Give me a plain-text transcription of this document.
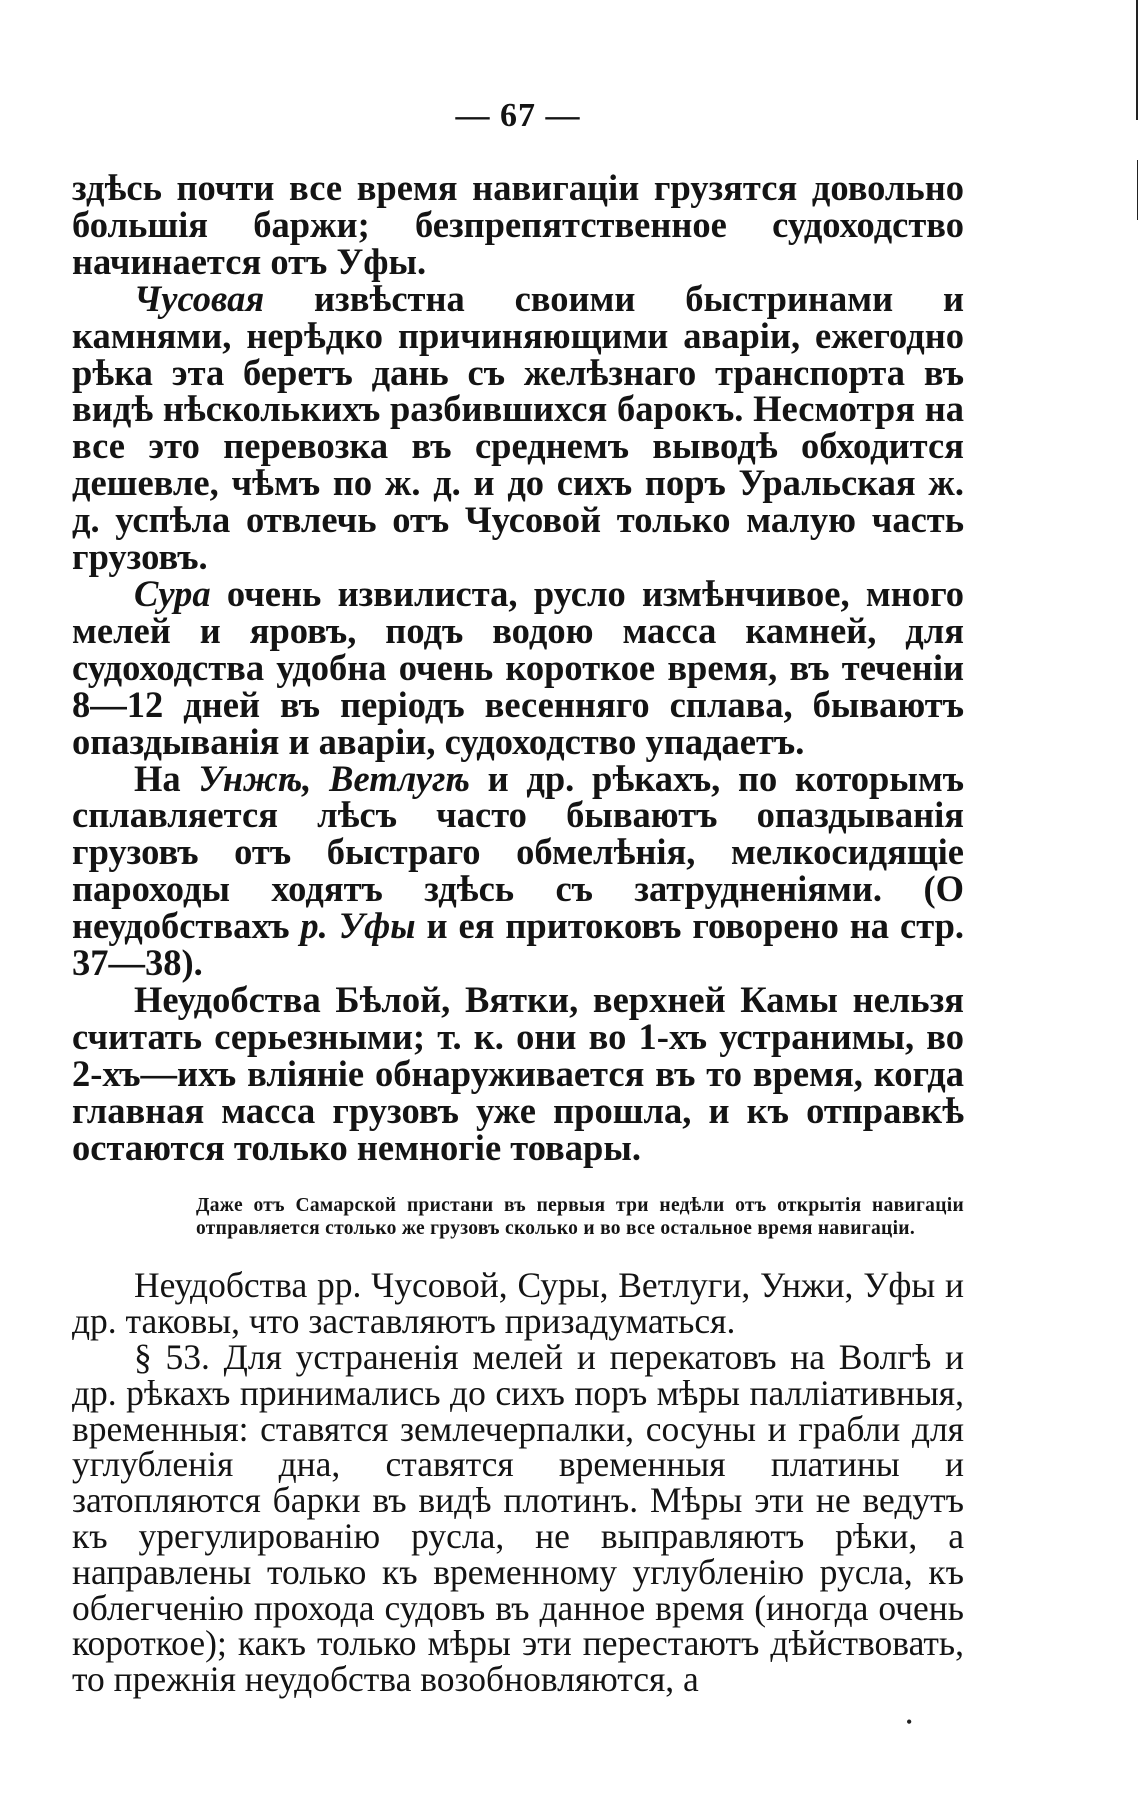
— 67 —

здѣсь почти все время навигаціи грузятся довольно большія баржи; безпрепятственное судоходство начинается отъ Уфы.

Чусовая извѣстна своими быстринами и камнями, нерѣдко причиняющими аваріи, ежегодно рѣка эта беретъ дань съ желѣзнаго транспорта въ видѣ нѣсколькихъ разбившихся барокъ. Несмотря на все это перевозка въ среднемъ выводѣ обходится дешевле, чѣмъ по ж. д. и до сихъ поръ Уральская ж. д. успѣла отвлечь отъ Чусовой только малую часть грузовъ.

Сура очень извилиста, русло измѣнчивое, много мелей и яровъ, подъ водою масса камней, для судоходства удобна очень короткое время, въ теченіи 8—12 дней въ періодъ весенняго сплава, бываютъ опаздыванія и аваріи, судоходство упадаетъ.

На Унжѣ, Ветлугѣ и др. рѣкахъ, по которымъ сплавляется лѣсъ часто бываютъ опаздыванія грузовъ отъ быстраго обмелѣнія, мелкосидящіе пароходы ходятъ здѣсь съ затрудненіями. (О неудобствахъ р. Уфы и ея притоковъ говорено на стр. 37—38).

Неудобства Бѣлой, Вятки, верхней Камы нельзя считать серьезными; т. к. они во 1-хъ устранимы, во 2-хъ—ихъ вліяніе обнаруживается въ то время, когда главная масса грузовъ уже прошла, и къ отправкѣ остаются только немногіе товары.

Даже отъ Самарской пристани въ первыя три недѣли отъ открытія навигаціи отправляется столько же грузовъ сколько и во все остальное время навигаціи.

Неудобства рр. Чусовой, Суры, Ветлуги, Унжи, Уфы и др. таковы, что заставляютъ призадуматься.

§ 53. Для устраненія мелей и перекатовъ на Волгѣ и др. рѣкахъ принимались до сихъ поръ мѣры палліативныя, временныя: ставятся землечерпалки, сосуны и грабли для углубленія дна, ставятся временныя платины и затопляются барки въ видѣ плотинъ. Мѣры эти не ведутъ къ урегулированію русла, не выправляютъ рѣки, а направлены только къ временному углубленію русла, къ облегченію прохода судовъ въ данное время (иногда очень короткое); какъ только мѣры эти перестаютъ дѣйствовать, то прежнія неудобства возобновляются, а

•
